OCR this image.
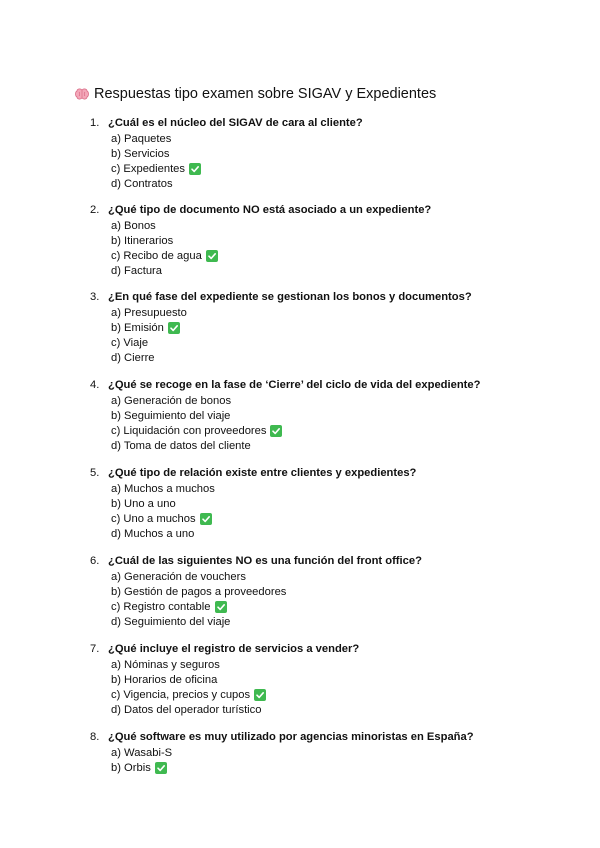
Respuestas tipo examen sobre SIGAV y Expedientes
1. ¿Cuál es el núcleo del SIGAV de cara al cliente?
a) Paquetes
b) Servicios
c) Expedientes
d) Contratos
2. ¿Qué tipo de documento NO está asociado a un expediente?
a) Bonos
b) Itinerarios
c) Recibo de agua
d) Factura
3. ¿En qué fase del expediente se gestionan los bonos y documentos?
a) Presupuesto
b) Emisión
c) Viaje
d) Cierre
4. ¿Qué se recoge en la fase de ‘Cierre’ del ciclo de vida del expediente?
a) Generación de bonos
b) Seguimiento del viaje
c) Liquidación con proveedores
d) Toma de datos del cliente
5. ¿Qué tipo de relación existe entre clientes y expedientes?
a) Muchos a muchos
b) Uno a uno
c) Uno a muchos
d) Muchos a uno
6. ¿Cuál de las siguientes NO es una función del front office?
a) Generación de vouchers
b) Gestión de pagos a proveedores
c) Registro contable
d) Seguimiento del viaje
7. ¿Qué incluye el registro de servicios a vender?
a) Nóminas y seguros
b) Horarios de oficina
c) Vigencia, precios y cupos
d) Datos del operador turístico
8. ¿Qué software es muy utilizado por agencias minoristas en España?
a) Wasabi-S
b) Orbis
